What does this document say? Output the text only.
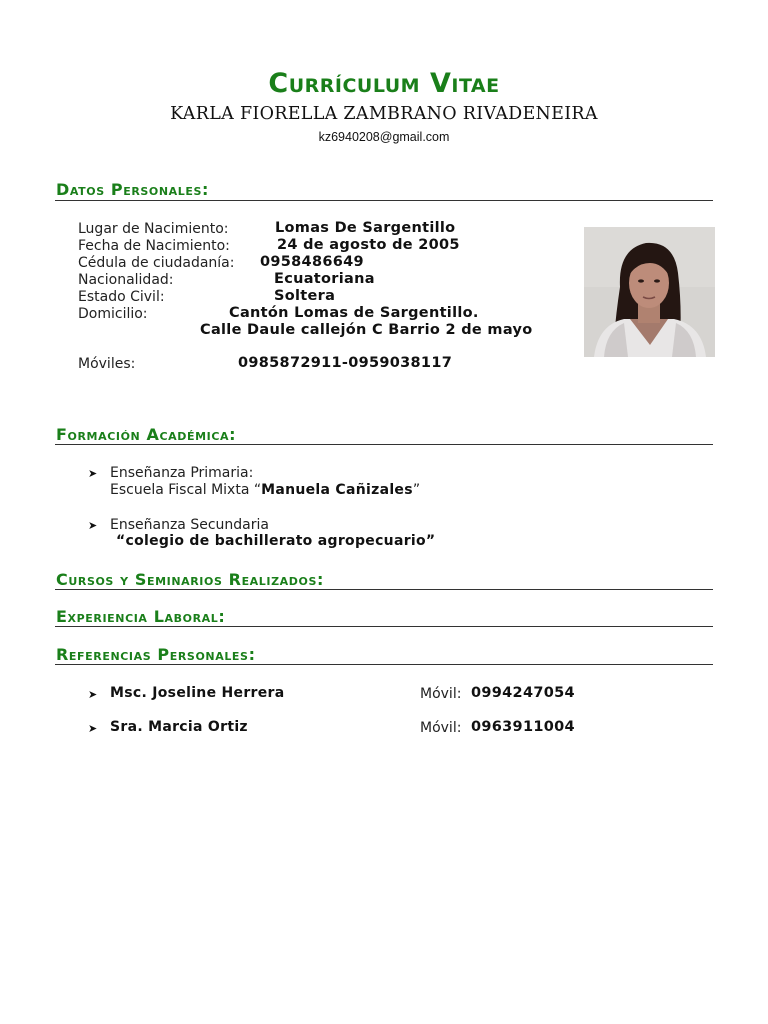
Currículum Vitae
KARLA FIORELLA ZAMBRANO RIVADENEIRA
kz6940208@gmail.com
Datos Personales:
Lugar de Nacimiento:	Lomas De Sargentillo
Fecha de Nacimiento:	24 de agosto de 2005
Cédula de ciudadanía: 0958486649
Nacionalidad:	Ecuatoriana
Estado Civil:	Soltera
Domicilio:	Cantón Lomas de Sargentillo.
Calle Daule callejón C Barrio 2 de mayo
Móviles:	0985872911-0959038117
Formación Académica:
➤ Enseñanza Primaria:
Escuela Fiscal Mixta “Manuela Cañizales”
➤ Enseñanza Secundaria
“colegio de bachillerato agropecuario”
Cursos y Seminarios Realizados:
Experiencia Laboral:
Referencias Personales:
➤ Msc. Joseline Herrera	Móvil: 0994247054
➤ Sra. Marcia Ortiz	Móvil: 0963911004
